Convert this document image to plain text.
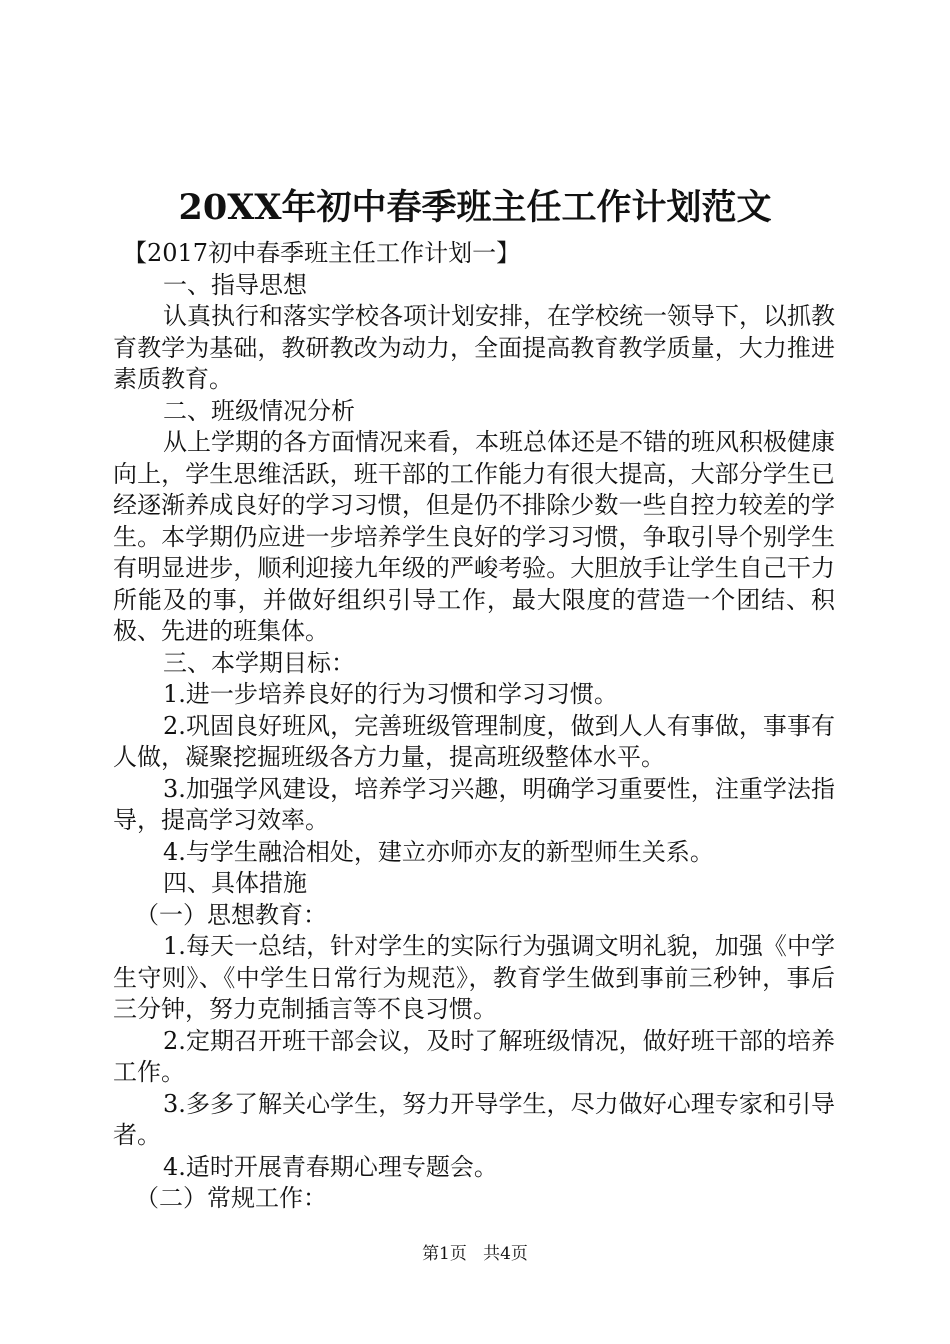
20XX年初中春季班主任工作计划范文

【2017初中春季班主任工作计划一】

一、指导思想

认真执行和落实学校各项计划安排，在学校统一领导下，以抓教育教学为基础，教研教改为动力，全面提高教育教学质量，大力推进素质教育。

二、班级情况分析

从上学期的各方面情况来看，本班总体还是不错的班风积极健康向上，学生思维活跃，班干部的工作能力有很大提高，大部分学生已经逐渐养成良好的学习习惯，但是仍不排除少数一些自控力较差的学生。本学期仍应进一步培养学生良好的学习习惯，争取引导个别学生有明显进步，顺利迎接九年级的严峻考验。大胆放手让学生自己干力所能及的事，并做好组织引导工作，最大限度的营造一个团结、积极、先进的班集体。

三、本学期目标：

1.进一步培养良好的行为习惯和学习习惯。

2.巩固良好班风，完善班级管理制度，做到人人有事做，事事有人做，凝聚挖掘班级各方力量，提高班级整体水平。

3.加强学风建设，培养学习兴趣，明确学习重要性，注重学法指导，提高学习效率。

4.与学生融洽相处，建立亦师亦友的新型师生关系。

四、具体措施

（一）思想教育：

1.每天一总结，针对学生的实际行为强调文明礼貌，加强《中学生守则》、《中学生日常行为规范》，教育学生做到事前三秒钟，事后三分钟，努力克制插言等不良习惯。

2.定期召开班干部会议，及时了解班级情况，做好班干部的培养工作。

3.多多了解关心学生，努力开导学生，尽力做好心理专家和引导者。

4.适时开展青春期心理专题会。

（二）常规工作：

第1页 共4页
